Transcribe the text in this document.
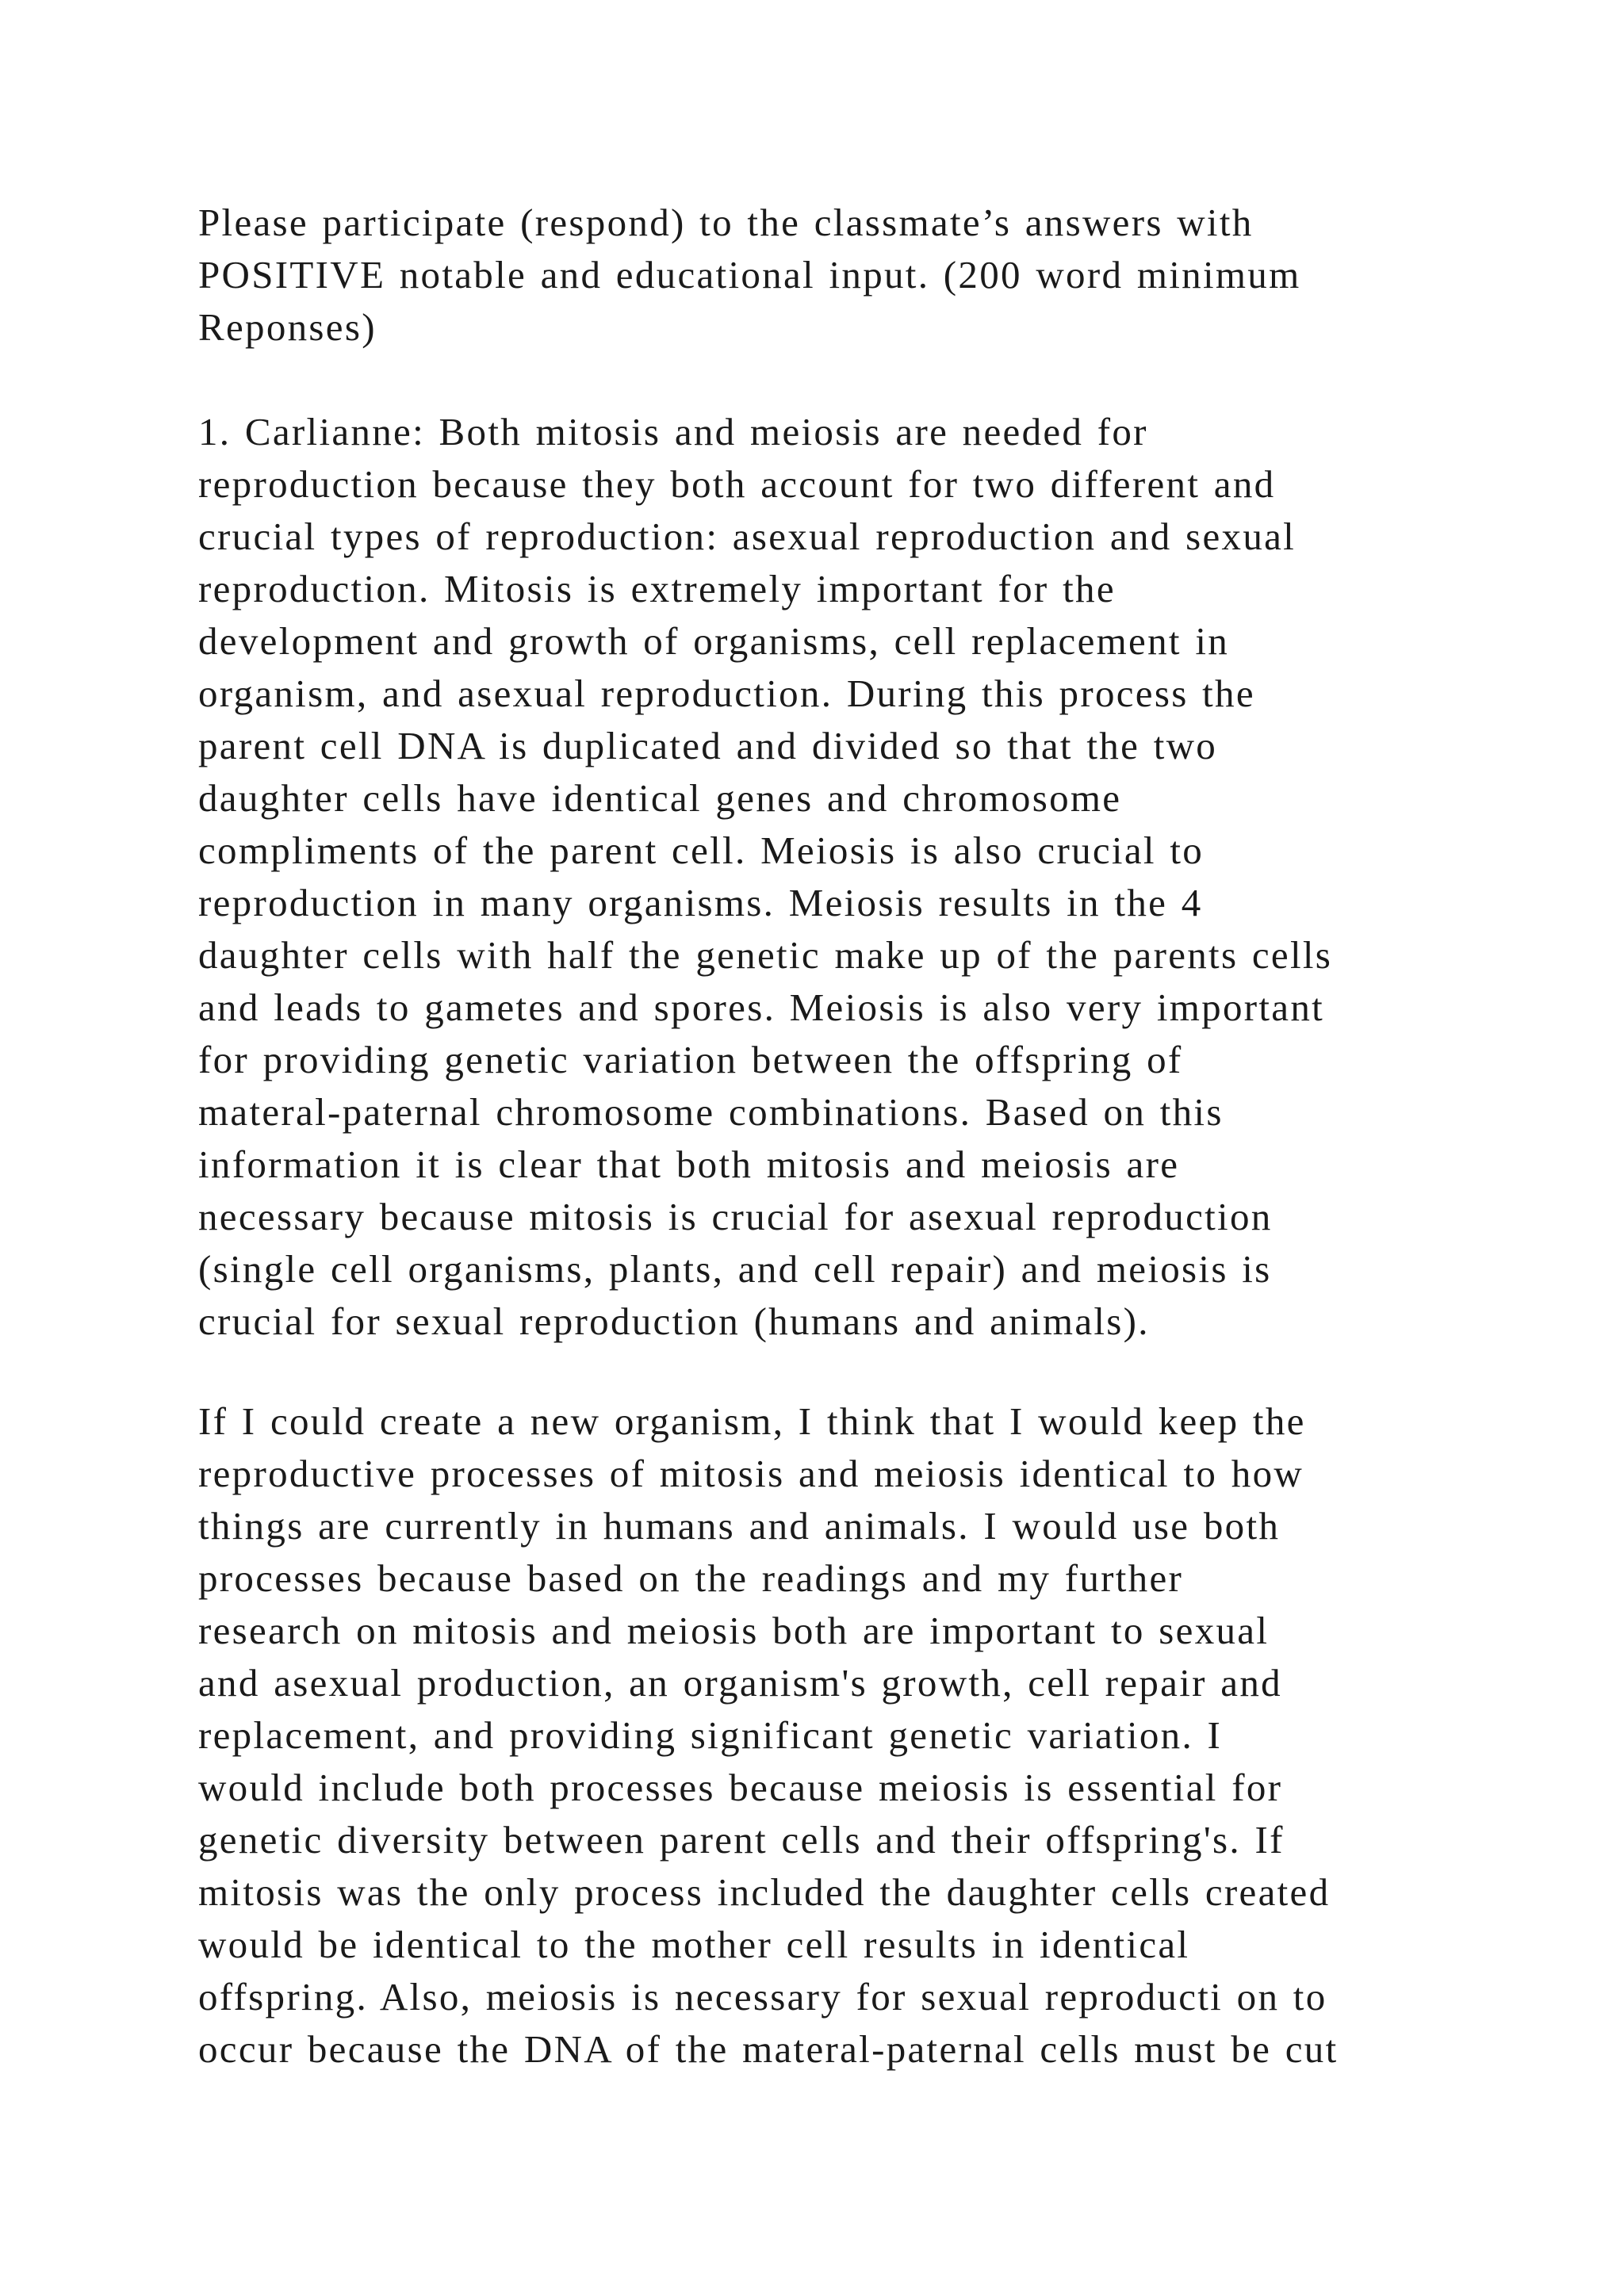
Please participate (respond) to the classmate’s answers with
POSITIVE notable and educational input. (200 word minimum
Reponses)
1. Carlianne: Both mitosis and meiosis are needed for
reproduction because they both account for two different and
crucial types of reproduction: asexual reproduction and sexual
reproduction. Mitosis is extremely important for the
development and growth of organisms, cell replacement in
organism, and asexual reproduction. During this process the
parent cell DNA is duplicated and divided so that the two
daughter cells have identical genes and chromosome
compliments of the parent cell. Meiosis is also crucial to
reproduction in many organisms. Meiosis results in the 4
daughter cells with half the genetic make up of the parents cells
and leads to gametes and spores. Meiosis is also very important
for providing genetic variation between the offspring of
materal-paternal chromosome combinations. Based on this
information it is clear that both mitosis and meiosis are
necessary because mitosis is crucial for asexual reproduction
(single cell organisms, plants, and cell repair) and meiosis is
crucial for sexual reproduction (humans and animals).
If I could create a new organism, I think that I would keep the
reproductive processes of mitosis and meiosis identical to how
things are currently in humans and animals. I would use both
processes because based on the readings and my further
research on mitosis and meiosis both are important to sexual
and asexual production, an organism's growth, cell repair and
replacement, and providing significant genetic variation. I
would include both processes because meiosis is essential for
genetic diversity between parent cells and their offspring's. If
mitosis was the only process included the daughter cells created
would be identical to the mother cell results in identical
offspring. Also, meiosis is necessary for sexual reproducti on to
occur because the DNA of the materal-paternal cells must be cut
